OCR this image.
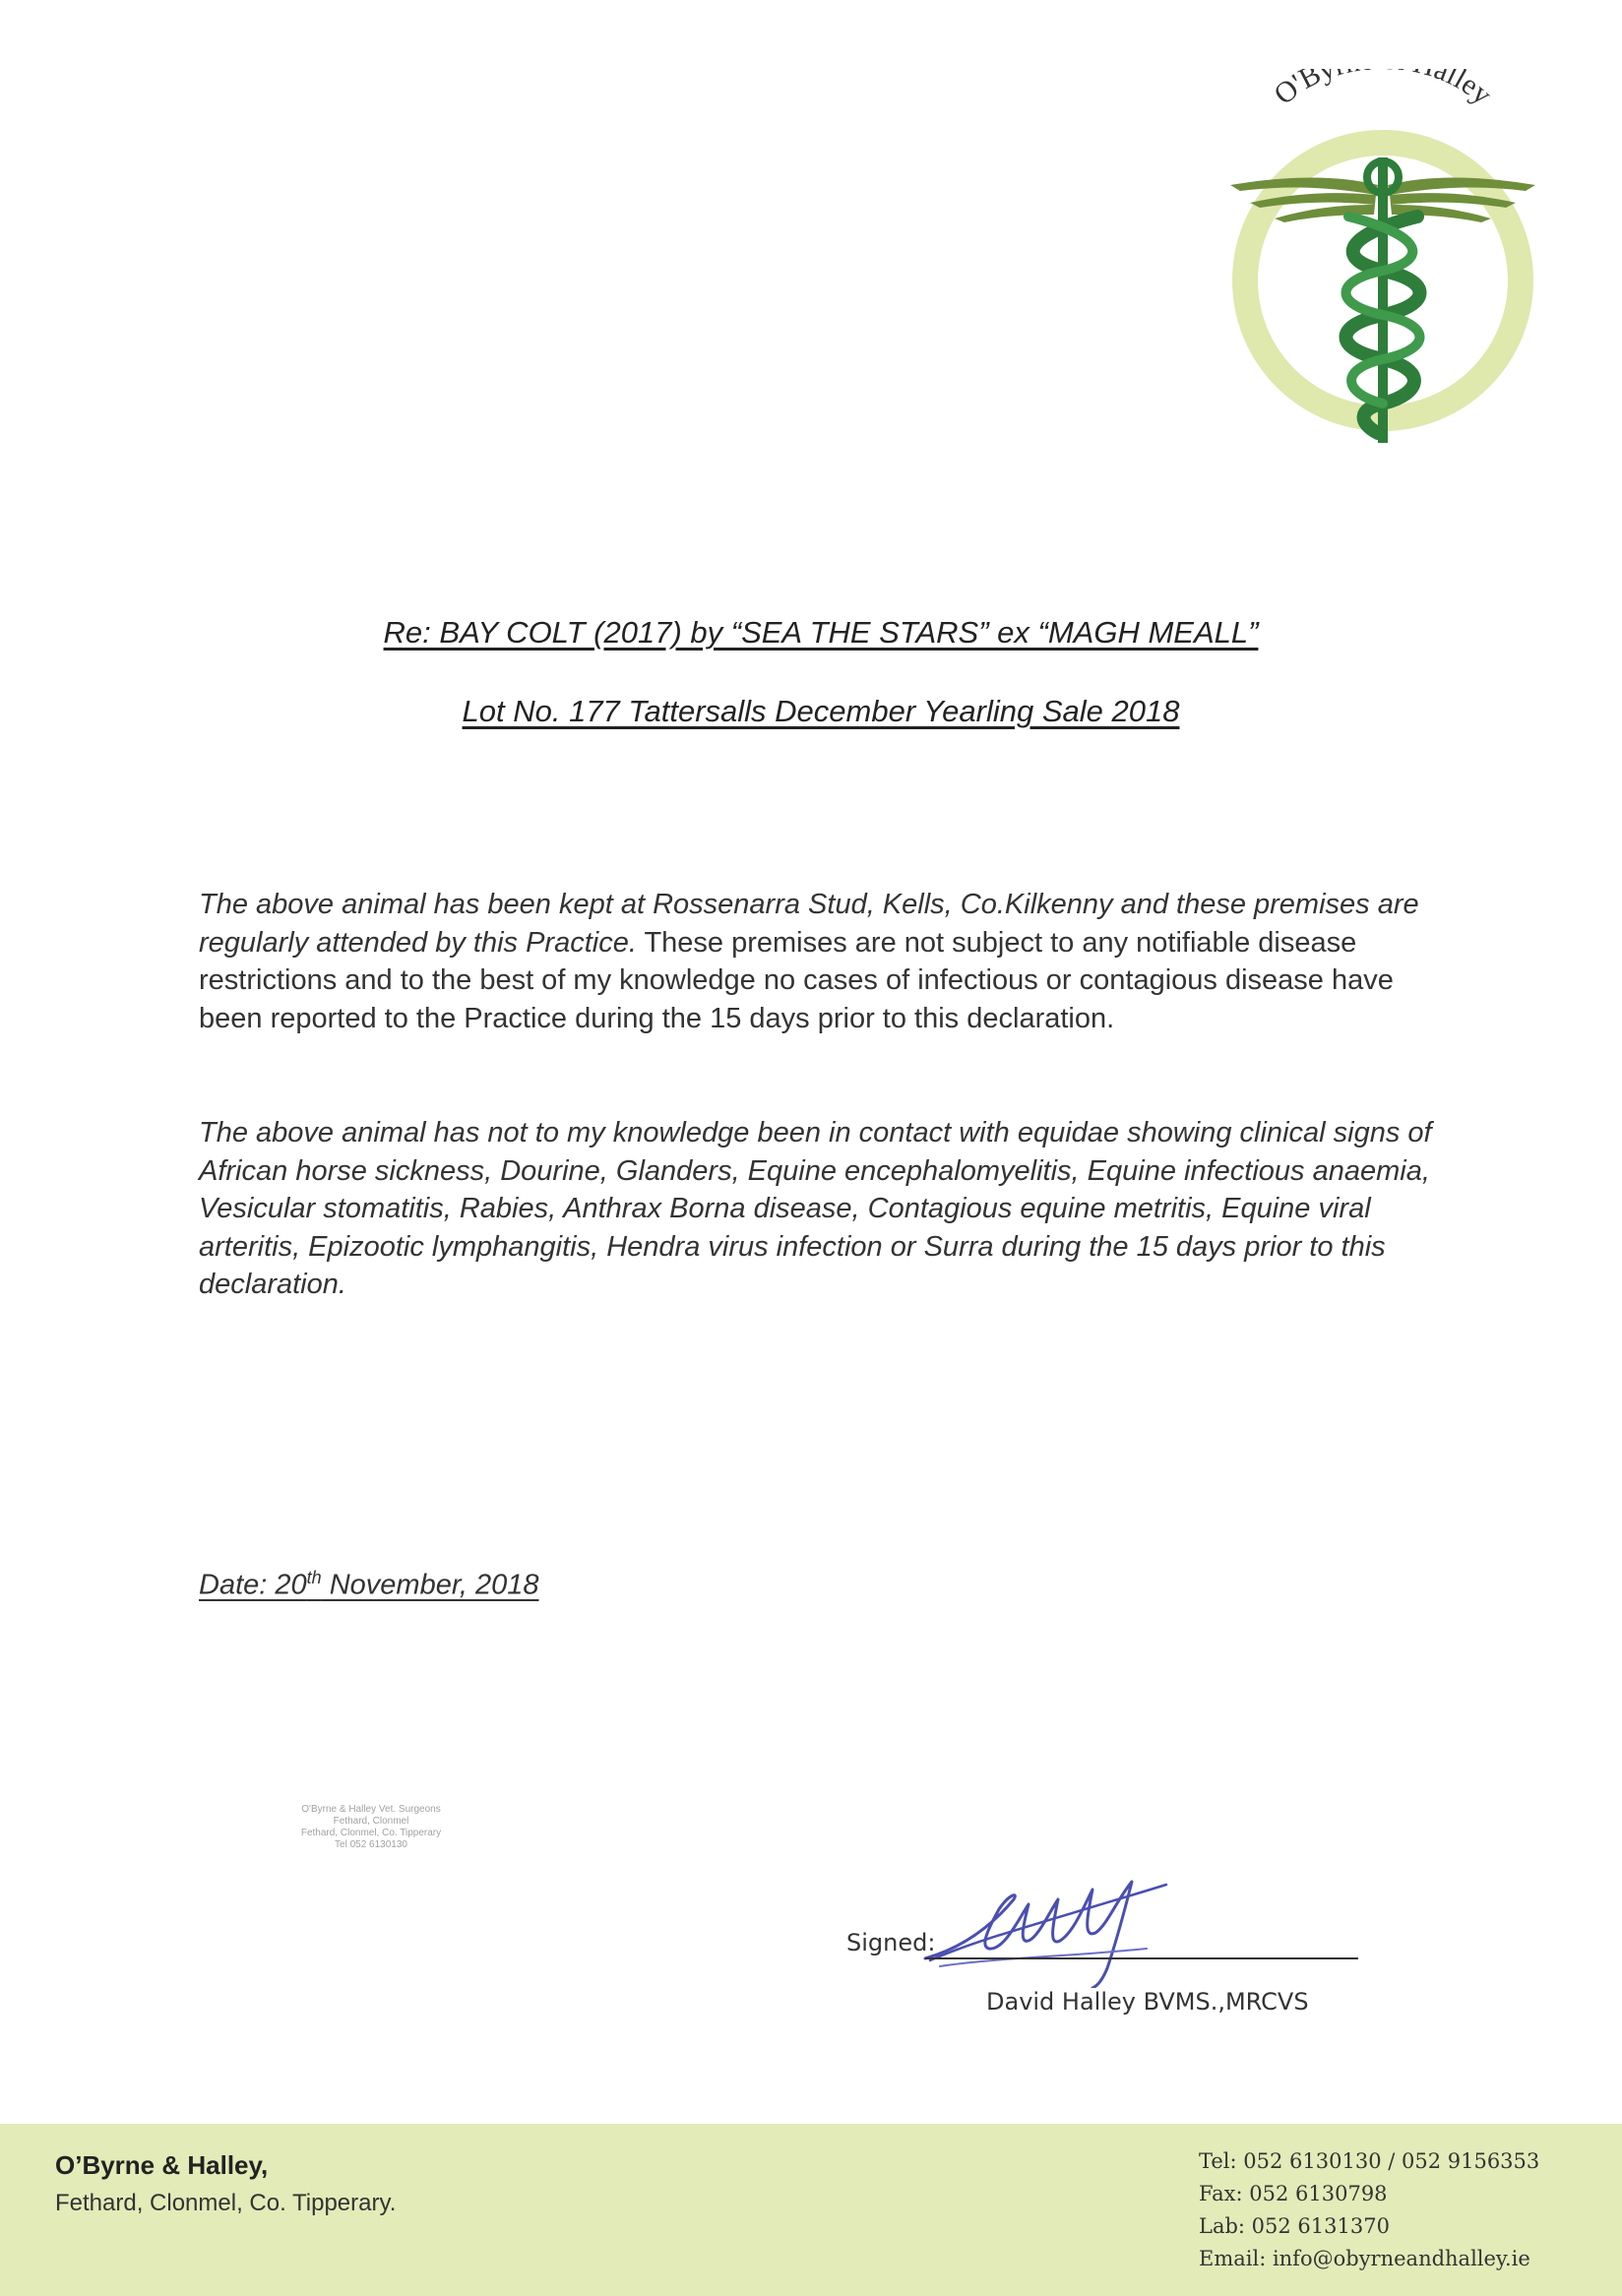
O'By alley
Re: BAY COLT (2017) by “SEA THE STARS” ex “MAGH MEALL”
Lot No. 177 Tattersalls December Yearling Sale 2018
The above animal has been kept at Rossenarra Stud, Kells, Co.Kilkenny and these premises are regularly attended by this Practice. These premises are not subject to any notifiable disease restrictions and to the best of my knowledge no cases of infectious or contagious disease have been reported to the Practice during the 15 days prior to this declaration.
The above animal has not to my knowledge been in contact with equidae showing clinical signs of African horse sickness, Dourine, Glanders, Equine encephalomyelitis, Equine infectious anaemia, Vesicular stomatitis, Rabies, Anthrax Borna disease, Contagious equine metritis, Equine viral arteritis, Epizootic lymphangitis, Hendra virus infection or Surra during the 15 days prior to this declaration.
Date: 20th November, 2018
O'Byrne & Halley Vet. Surgeons
Fethard, Clonmel
Fethard, Clonmel, Co. Tipperary
Tel 052 6130130
Signed:
David Halley BVMS.,MRCVS
O’Byrne & Halley,
Fethard, Clonmel, Co. Tipperary.
Tel: 052 6130130 / 052 9156353
Fax: 052 6130798
Lab: 052 6131370
Email: info@obyrneandhalley.ie
